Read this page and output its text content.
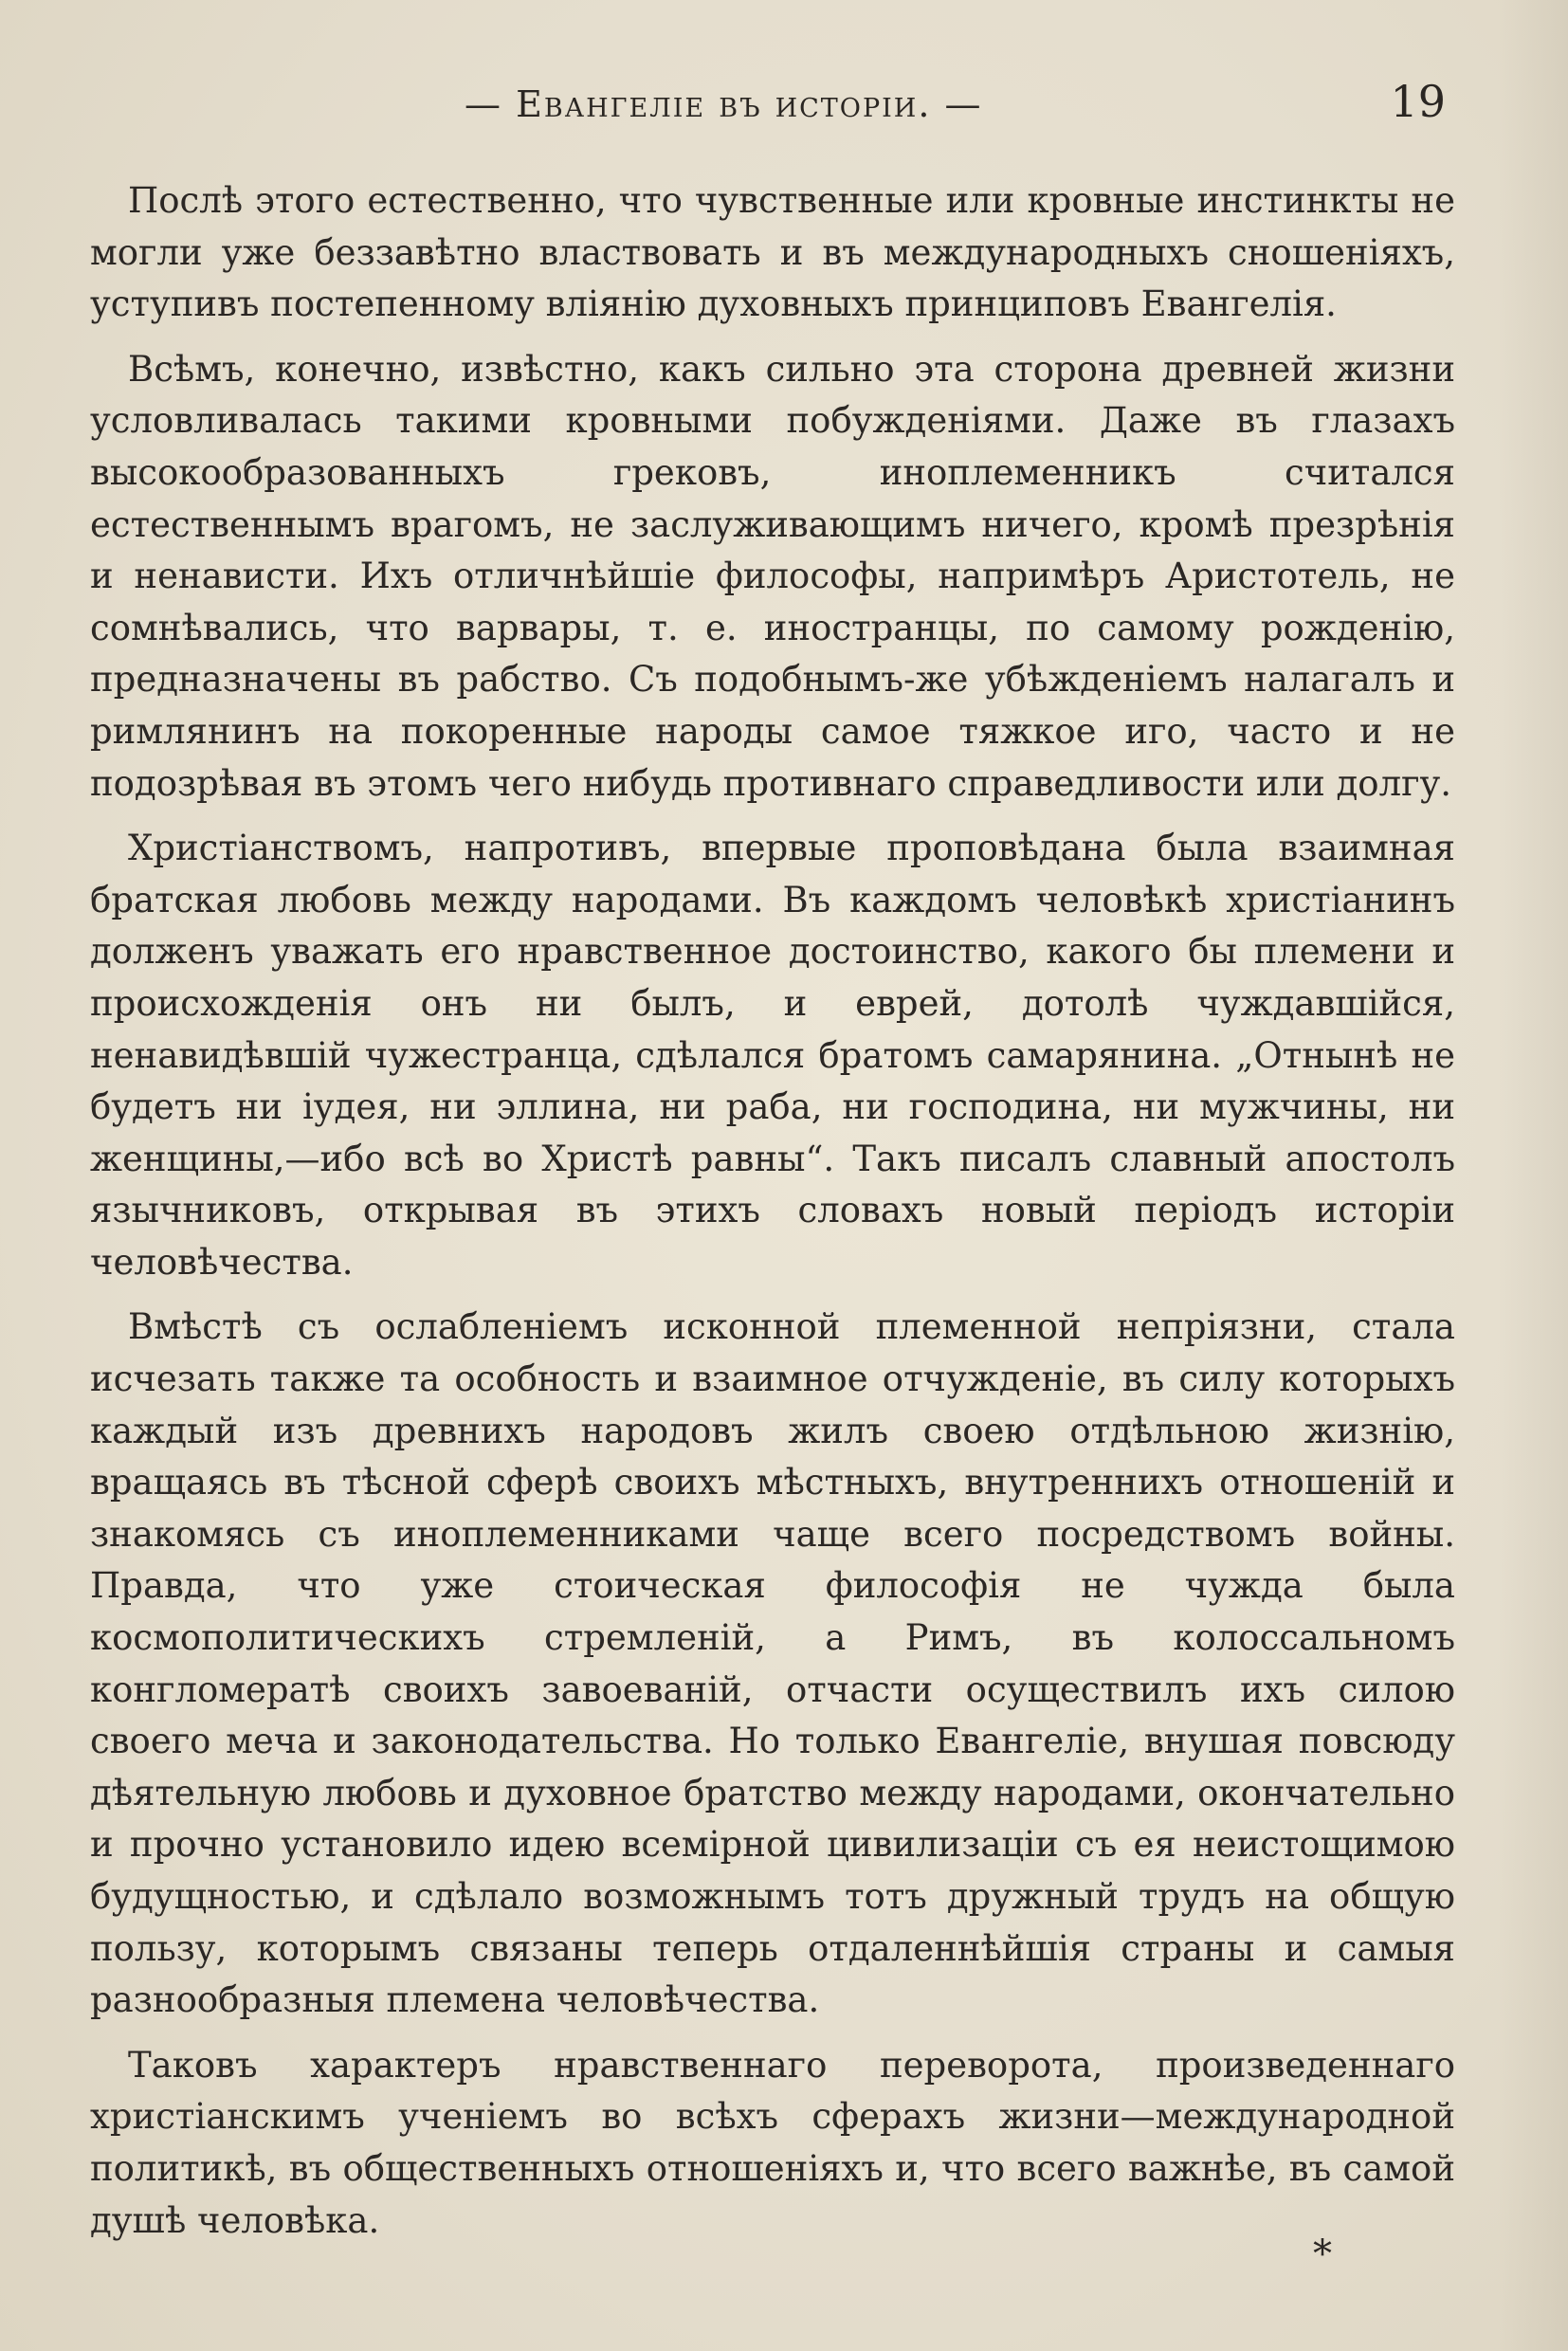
— Евангеліе въ исторіи. —	19

Послѣ этого естественно, что чувственные или кровные инстинкты не могли уже беззавѣтно властвовать и въ международныхъ сношеніяхъ, уступивъ постепенному вліянію духовныхъ принциповъ Евангелія.

Всѣмъ, конечно, извѣстно, какъ сильно эта сторона древней жизни условливалась такими кровными побужденіями. Даже въ глазахъ высокообразованныхъ грековъ, иноплеменникъ считался естественнымъ врагомъ, не заслуживающимъ ничего, кромѣ презрѣнія и ненависти. Ихъ отличнѣйшіе философы, напримѣръ Аристотель, не сомнѣвались, что варвары, т. е. иностранцы, по самому рожденію, предназначены въ рабство. Съ подобнымъ-же убѣжденіемъ налагалъ и римлянинъ на покоренные народы самое тяжкое иго, часто и не подозрѣвая въ этомъ чего нибудь противнаго справедливости или долгу.

Христіанствомъ, напротивъ, впервые проповѣдана была взаимная братская любовь между народами. Въ каждомъ человѣкѣ христіанинъ долженъ уважать его нравственное достоинство, какого бы племени и происхожденія онъ ни былъ, и еврей, дотолѣ чуждавшійся, ненавидѣвшій чужестранца, сдѣлался братомъ самарянина. „Отнынѣ не будетъ ни іудея, ни эллина, ни раба, ни господина, ни мужчины, ни женщины,—ибо всѣ во Христѣ равны“. Такъ писалъ славный апостолъ язычниковъ, открывая въ этихъ словахъ новый періодъ исторіи человѣчества.

Вмѣстѣ съ ослабленіемъ исконной племенной непріязни, стала исчезать также та особность и взаимное отчужденіе, въ силу которыхъ каждый изъ древнихъ народовъ жилъ своею отдѣльною жизнію, вращаясь въ тѣсной сферѣ своихъ мѣстныхъ, внутреннихъ отношеній и знакомясь съ иноплеменниками чаще всего посредствомъ войны. Правда, что уже стоическая философія не чужда была космополитическихъ стремленій, а Римъ, въ колоссальномъ конгломератѣ своихъ завоеваній, отчасти осуществилъ ихъ силою своего меча и законодательства. Но только Евангеліе, внушая повсюду дѣятельную любовь и духовное братство между народами, окончательно и прочно установило идею всемірной цивилизаціи съ ея неистощимою будущностью, и сдѣлало возможнымъ тотъ дружный трудъ на общую пользу, которымъ связаны теперь отдаленнѣйшія страны и самыя разнообразныя племена человѣчества.

Таковъ характеръ нравственнаго переворота, произведеннаго христіанскимъ ученіемъ во всѣхъ сферахъ жизни—международной политикѣ, въ общественныхъ отношеніяхъ и, что всего важнѣе, въ самой душѣ человѣка.

*
